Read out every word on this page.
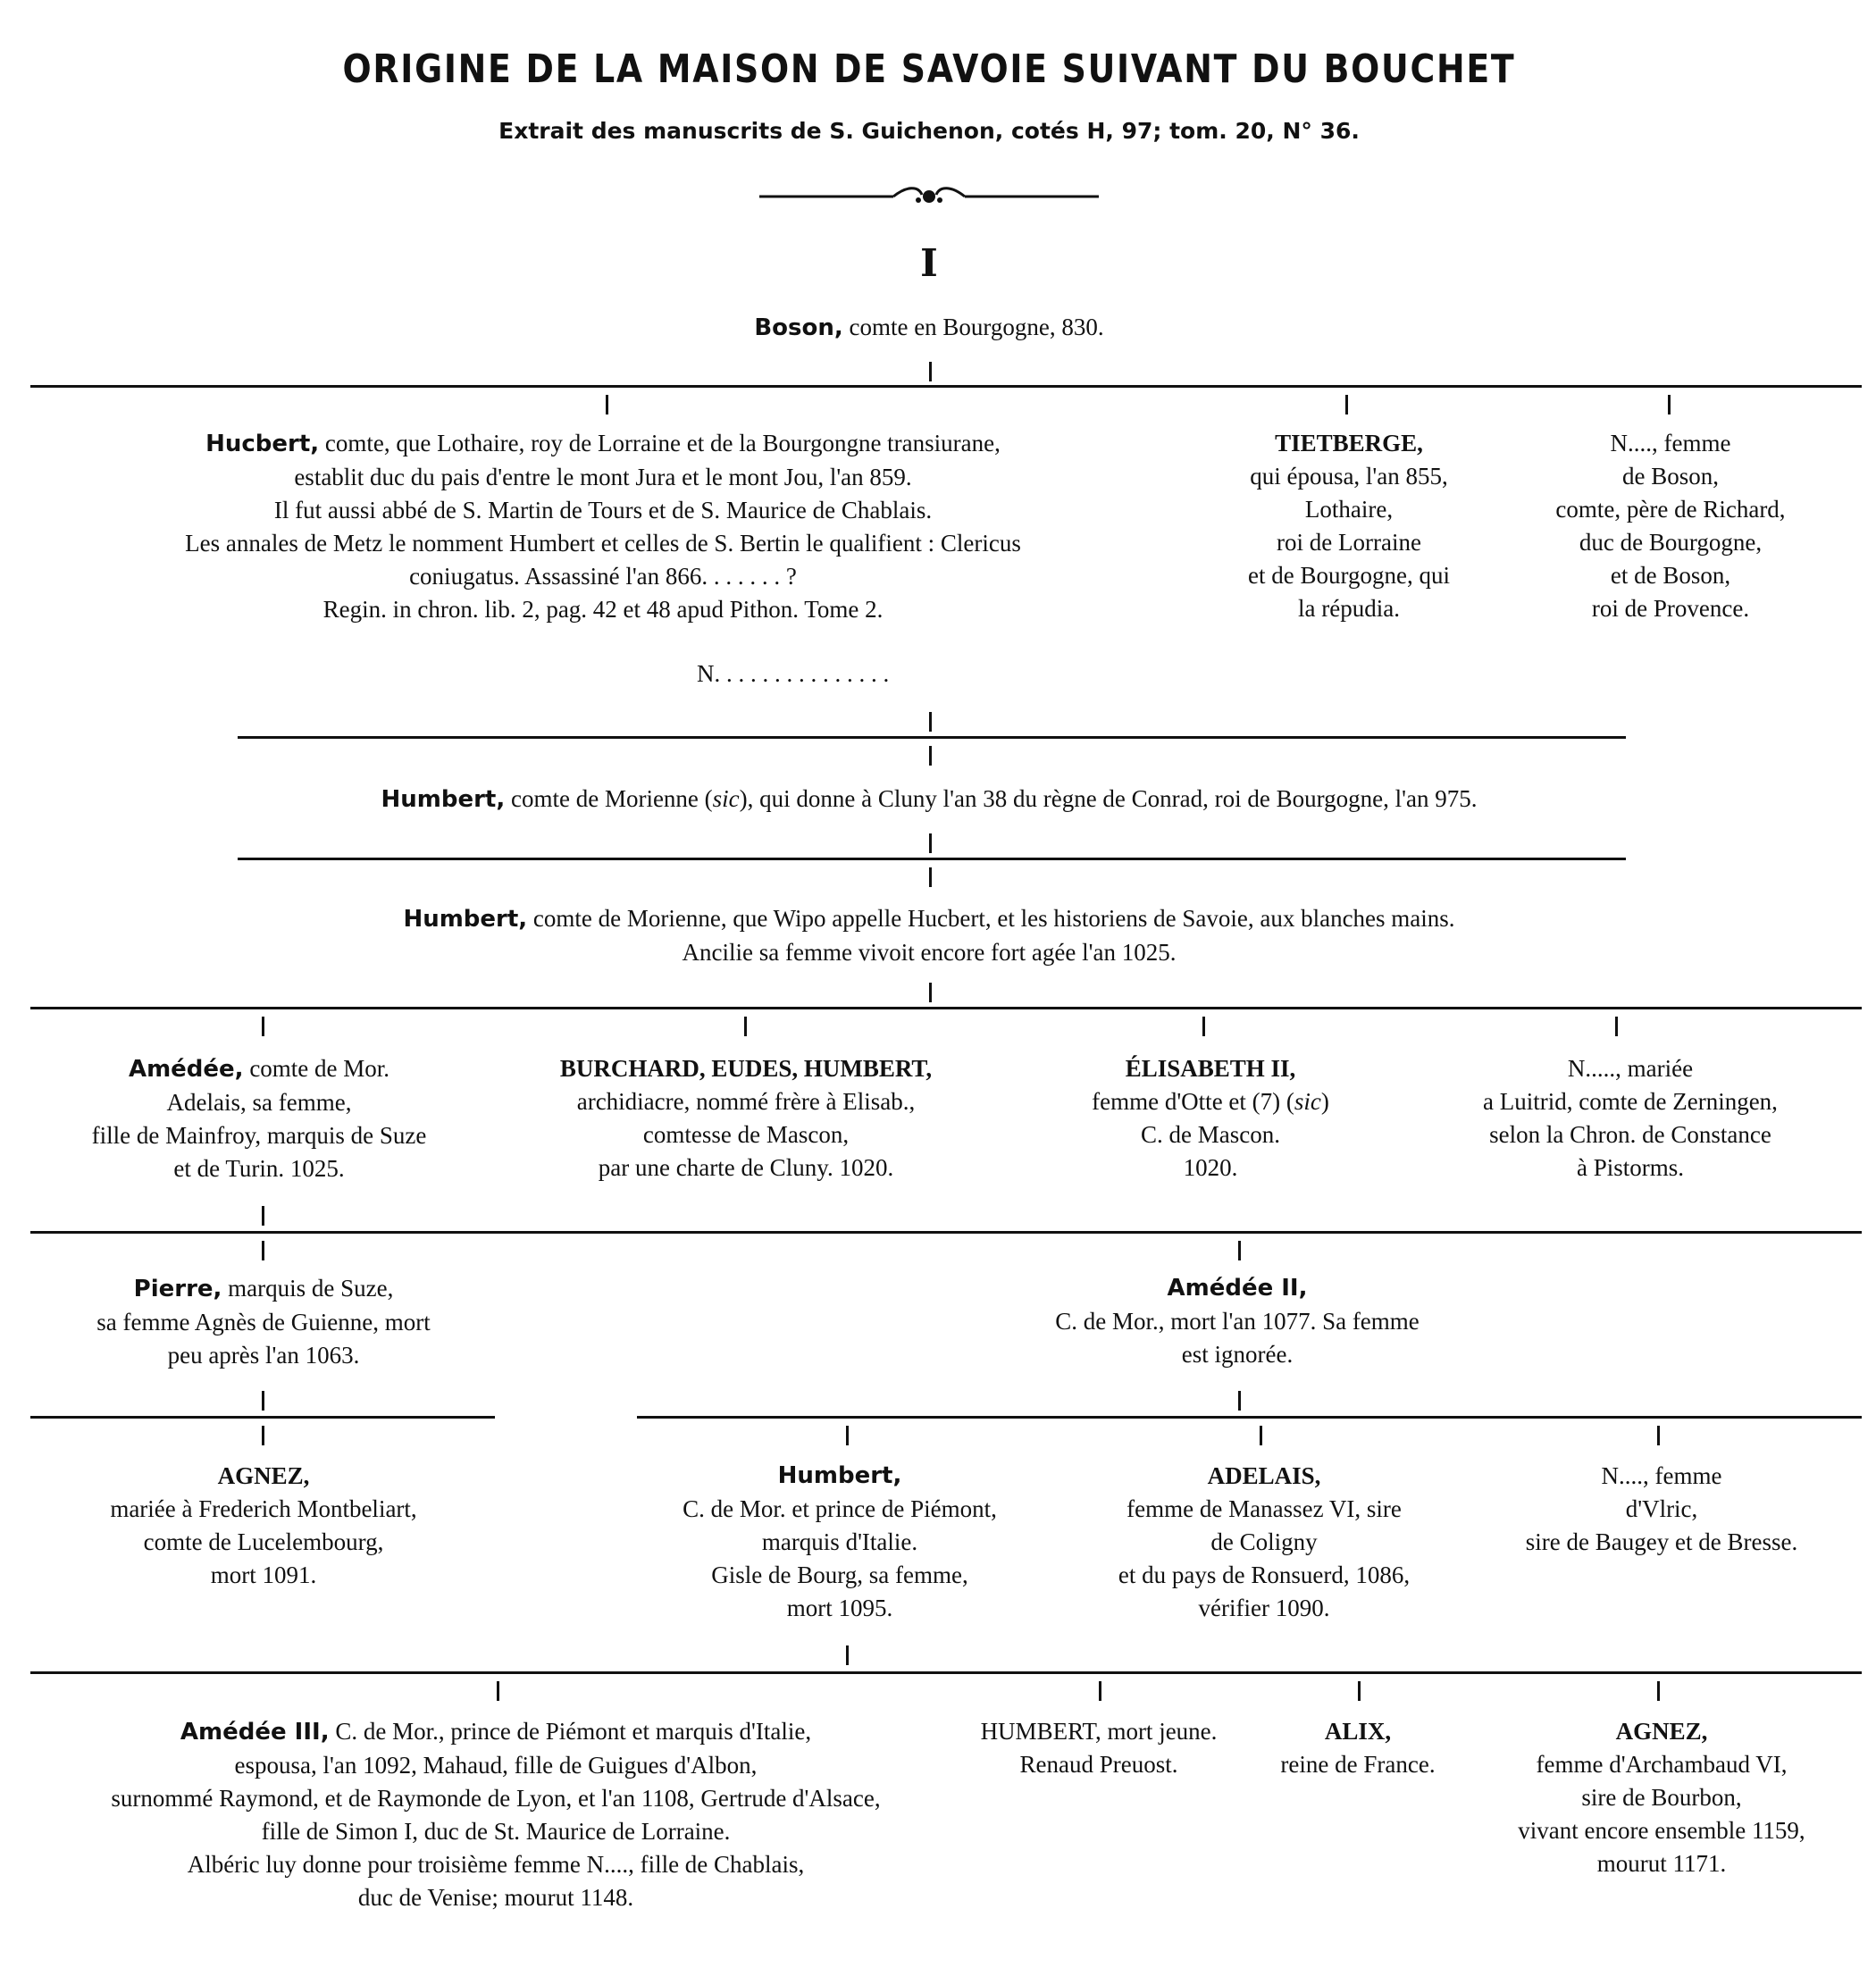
ORIGINE DE LA MAISON DE SAVOIE SUIVANT DU BOUCHET
Extrait des manuscrits de S. Guichenon, cotés H, 97; tom. 20, N° 36.
I
Boson, comte en Bourgogne, 830.
Hucbert, comte, que Lothaire, roy de Lorraine et de la Bourgongne transiurane,
establit duc du pais d'entre le mont Jura et le mont Jou, l'an 859.
Il fut aussi abbé de S. Martin de Tours et de S. Maurice de Chablais.
Les annales de Metz le nomment Humbert et celles de S. Bertin le qualifient : Clericus
coniugatus. Assassiné l'an 866. . . . . . . ?
Regin. in chron. lib. 2, pag. 42 et 48 apud Pithon. Tome 2.
TIETBERGE,
qui épousa, l'an 855,
Lothaire,
roi de Lorraine
et de Bourgogne, qui
la répudia.
N...., femme
de Boson,
comte, père de Richard,
duc de Bourgogne,
et de Boson,
roi de Provence.
N. . . . . . . . . . . . . . .
Humbert, comte de Morienne (sic), qui donne à Cluny l'an 38 du règne de Conrad, roi de Bourgogne, l'an 975.
Humbert, comte de Morienne, que Wipo appelle Hucbert, et les historiens de Savoie, aux blanches mains.
Ancilie sa femme vivoit encore fort agée l'an 1025.
Amédée, comte de Mor.
Adelais, sa femme,
fille de Mainfroy, marquis de Suze
et de Turin. 1025.
BURCHARD, EUDES, HUMBERT,
archidiacre, nommé frère à Elisab.,
comtesse de Mascon,
par une charte de Cluny. 1020.
ÉLISABETH II,
femme d'Otte et (7) (sic)
C. de Mascon.
1020.
N....., mariée
a Luitrid, comte de Zerningen,
selon la Chron. de Constance
à Pistorms.
Pierre, marquis de Suze,
sa femme Agnès de Guienne, mort
peu après l'an 1063.
Amédée II,
C. de Mor., mort l'an 1077. Sa femme
est ignorée.
AGNEZ,
mariée à Frederich Montbeliart,
comte de Lucelembourg,
mort 1091.
Humbert,
C. de Mor. et prince de Piémont,
marquis d'Italie.
Gisle de Bourg, sa femme,
mort 1095.
ADELAIS,
femme de Manassez VI, sire
de Coligny
et du pays de Ronsuerd, 1086,
vérifier 1090.
N...., femme
d'Vlric,
sire de Baugey et de Bresse.
Amédée III, C. de Mor., prince de Piémont et marquis d'Italie,
espousa, l'an 1092, Mahaud, fille de Guigues d'Albon,
surnommé Raymond, et de Raymonde de Lyon, et l'an 1108, Gertrude d'Alsace,
fille de Simon I, duc de St. Maurice de Lorraine.
Albéric luy donne pour troisième femme N...., fille de Chablais,
duc de Venise; mourut 1148.
HUMBERT, mort jeune.
Renaud Preuost.
ALIX,
reine de France.
AGNEZ,
femme d'Archambaud VI,
sire de Bourbon,
vivant encore ensemble 1159,
mourut 1171.
